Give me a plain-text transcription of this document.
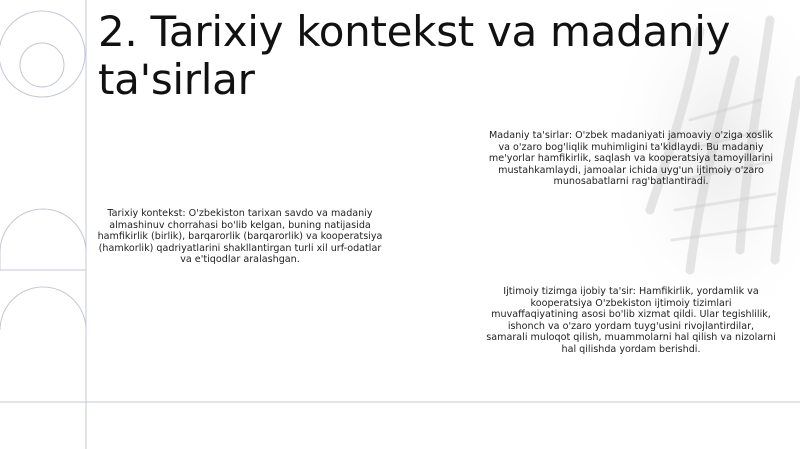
2. Tarixiy kontekst va madaniy ta'sirlar

Tarixiy kontekst: O'zbekiston tarixan savdo va madaniy almashinuv chorrahasi bo'lib kelgan, buning natijasida hamfikirlik (birlik), barqarorlik (barqarorlik) va kooperatsiya (hamkorlik) qadriyatlarini shakllantirgan turli xil urf-odatlar va e'tiqodlar aralashgan.

Madaniy ta'sirlar: O'zbek madaniyati jamoaviy o'ziga xoslik va o'zaro bog'liqlik muhimligini ta'kidlaydi. Bu madaniy me'yorlar hamfikirlik, saqlash va kooperatsiya tamoyillarini mustahkamlaydi, jamoalar ichida uyg'un ijtimoiy o'zaro munosabatlarni rag'batlantiradi.

Ijtimoiy tizimga ijobiy ta'sir: Hamfikirlik, yordamlik va kooperatsiya O'zbekiston ijtimoiy tizimlari muvaffaqiyatining asosi bo'lib xizmat qildi. Ular tegishlilik, ishonch va o'zaro yordam tuyg'usini rivojlantirdilar, samarali muloqot qilish, muammolarni hal qilish va nizolarni hal qilishda yordam berishdi.
